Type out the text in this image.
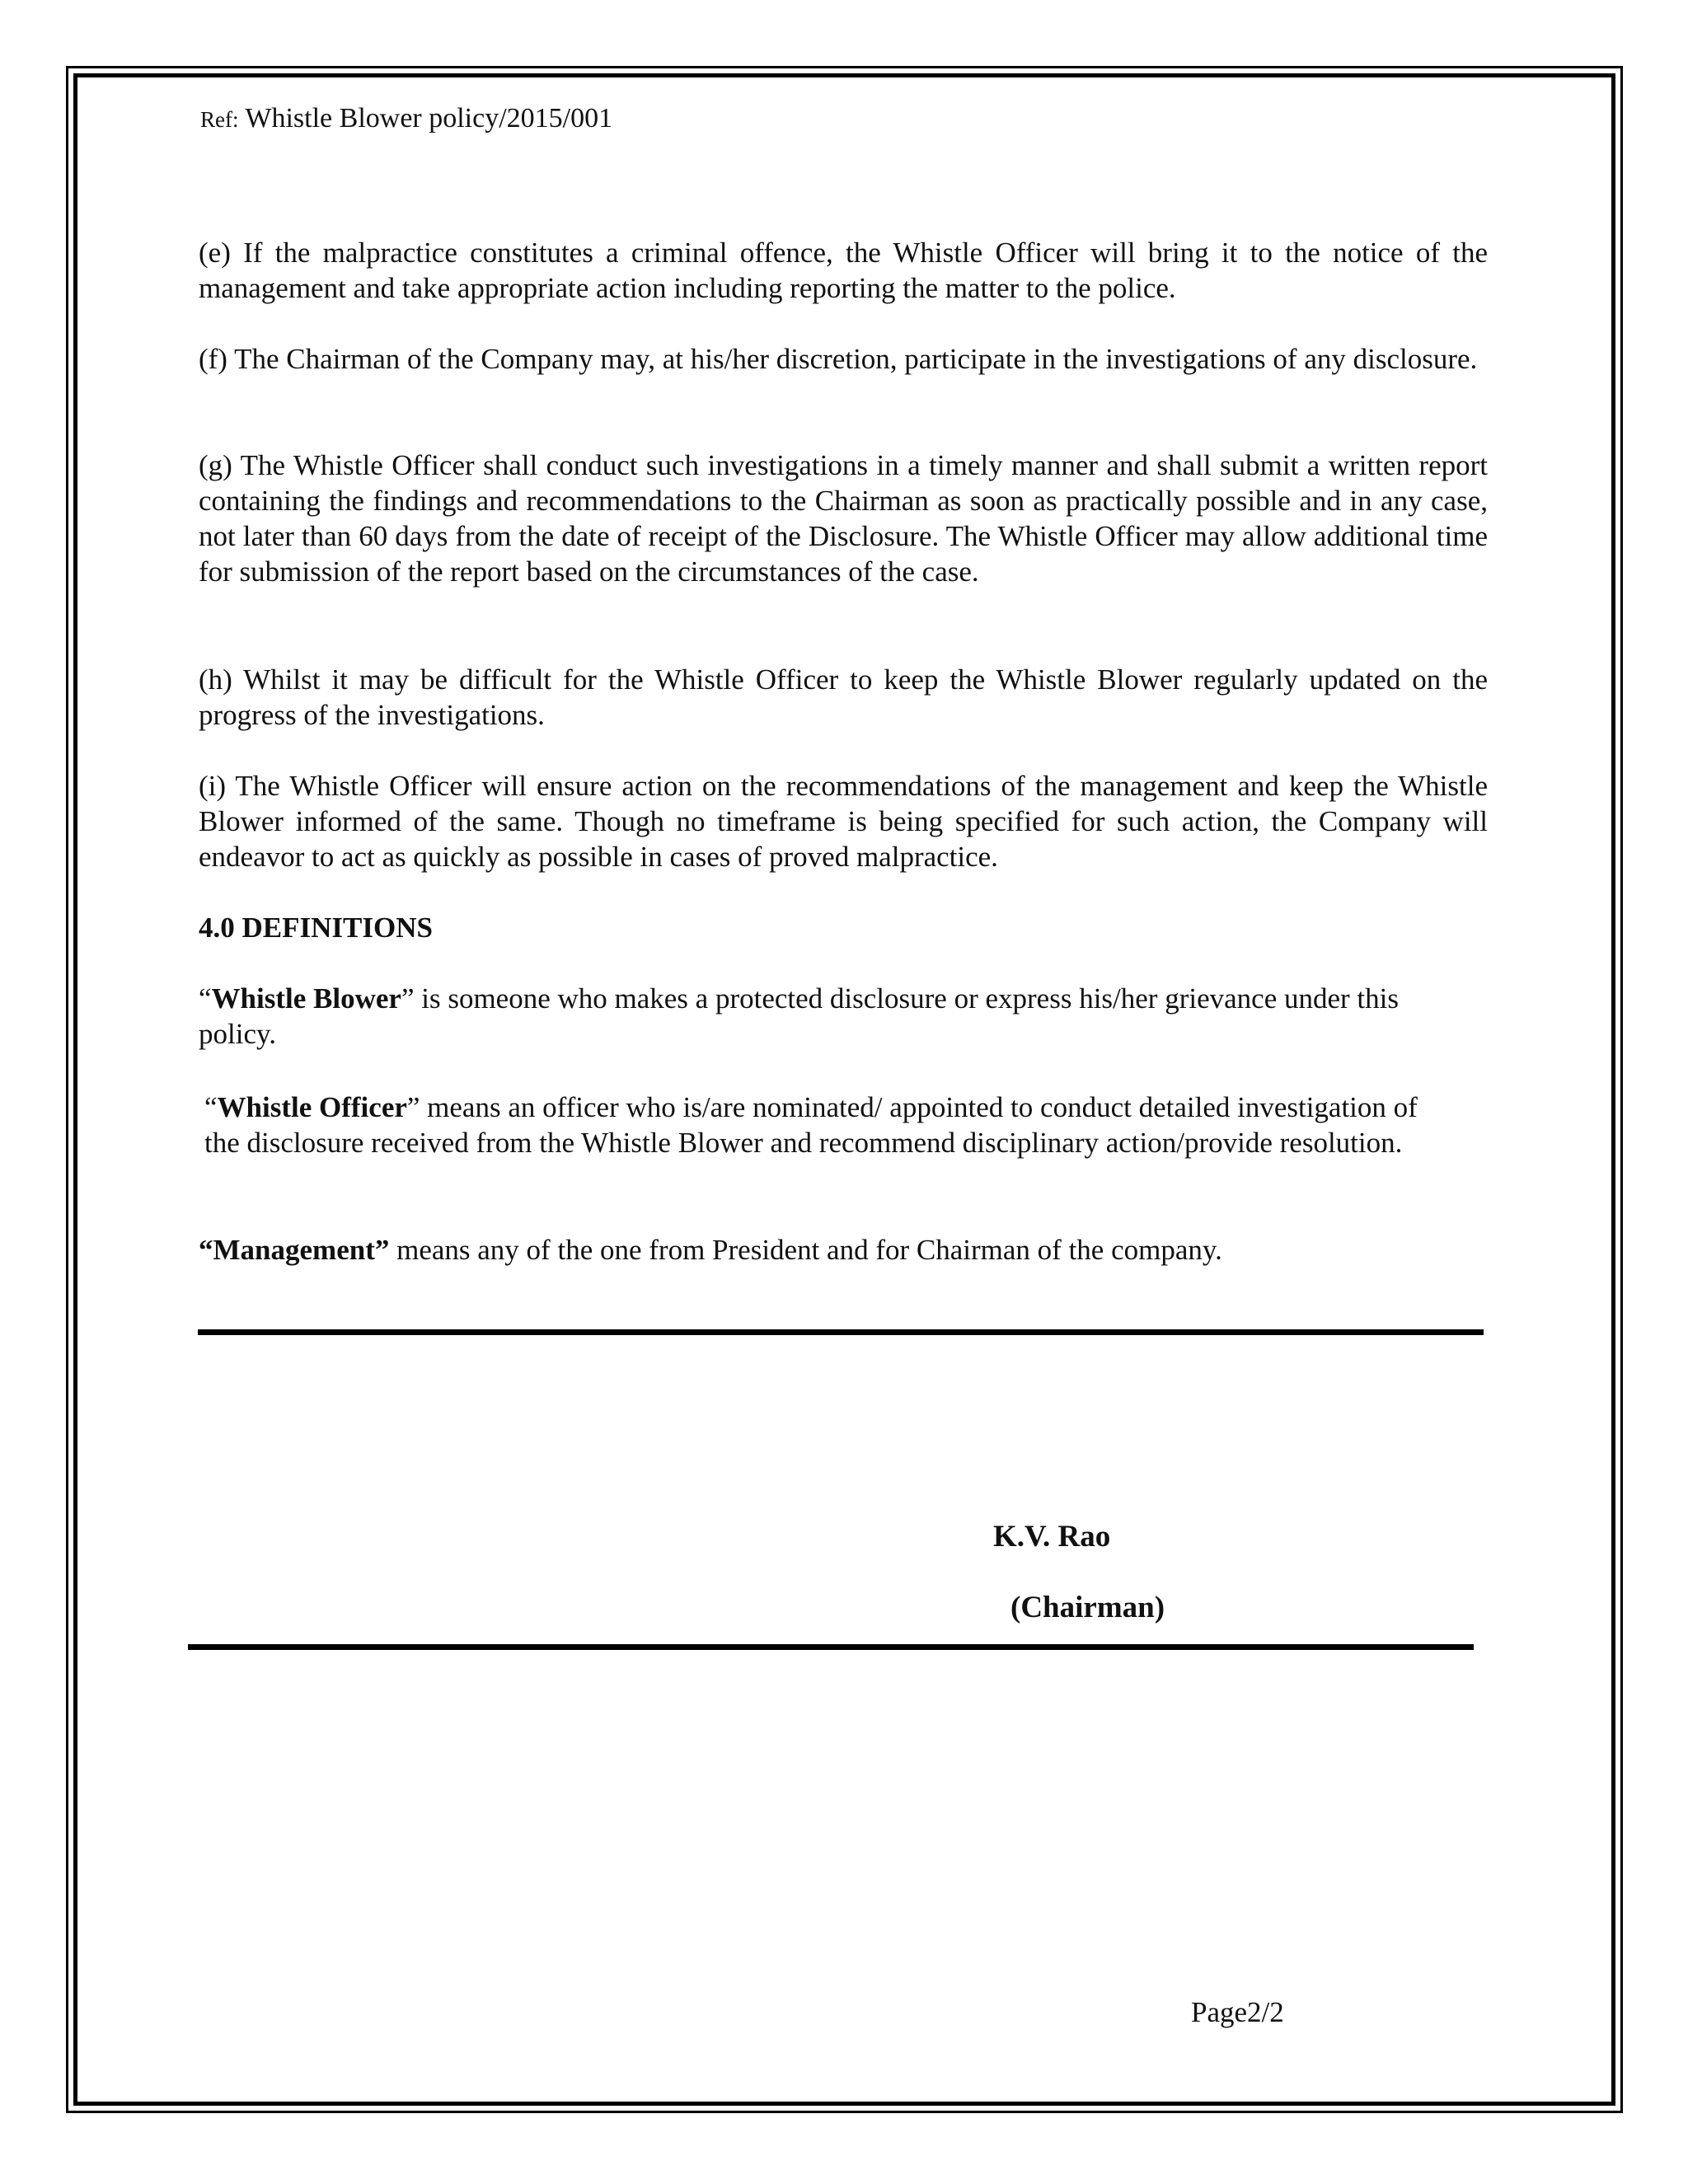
Ref: Whistle Blower policy/2015/001
(e) If the malpractice constitutes a criminal offence, the Whistle Officer will bring it to the notice of the management and take appropriate action including reporting the matter to the police.
(f) The Chairman of the Company may, at his/her discretion, participate in the investigations of any disclosure.
(g) The Whistle Officer shall conduct such investigations in a timely manner and shall submit a written report containing the findings and recommendations to the Chairman as soon as practically possible and in any case, not later than 60 days from the date of receipt of the Disclosure. The Whistle Officer may allow additional time for submission of the report based on the circumstances of the case.
(h) Whilst it may be difficult for the Whistle Officer to keep the Whistle Blower regularly updated on the progress of the investigations.
(i) The Whistle Officer will ensure action on the recommendations of the management and keep the Whistle Blower informed of the same. Though no timeframe is being specified for such action, the Company will endeavor to act as quickly as possible in cases of proved malpractice.
4.0 DEFINITIONS
“Whistle Blower” is someone who makes a protected disclosure or express his/her grievance under this policy.
“Whistle Officer” means an officer who is/are nominated/ appointed to conduct detailed investigation of the disclosure received from the Whistle Blower and recommend disciplinary action/provide resolution.
“Management” means any of the one from President and for Chairman of the company.
K.V. Rao
(Chairman)
Page2/2
